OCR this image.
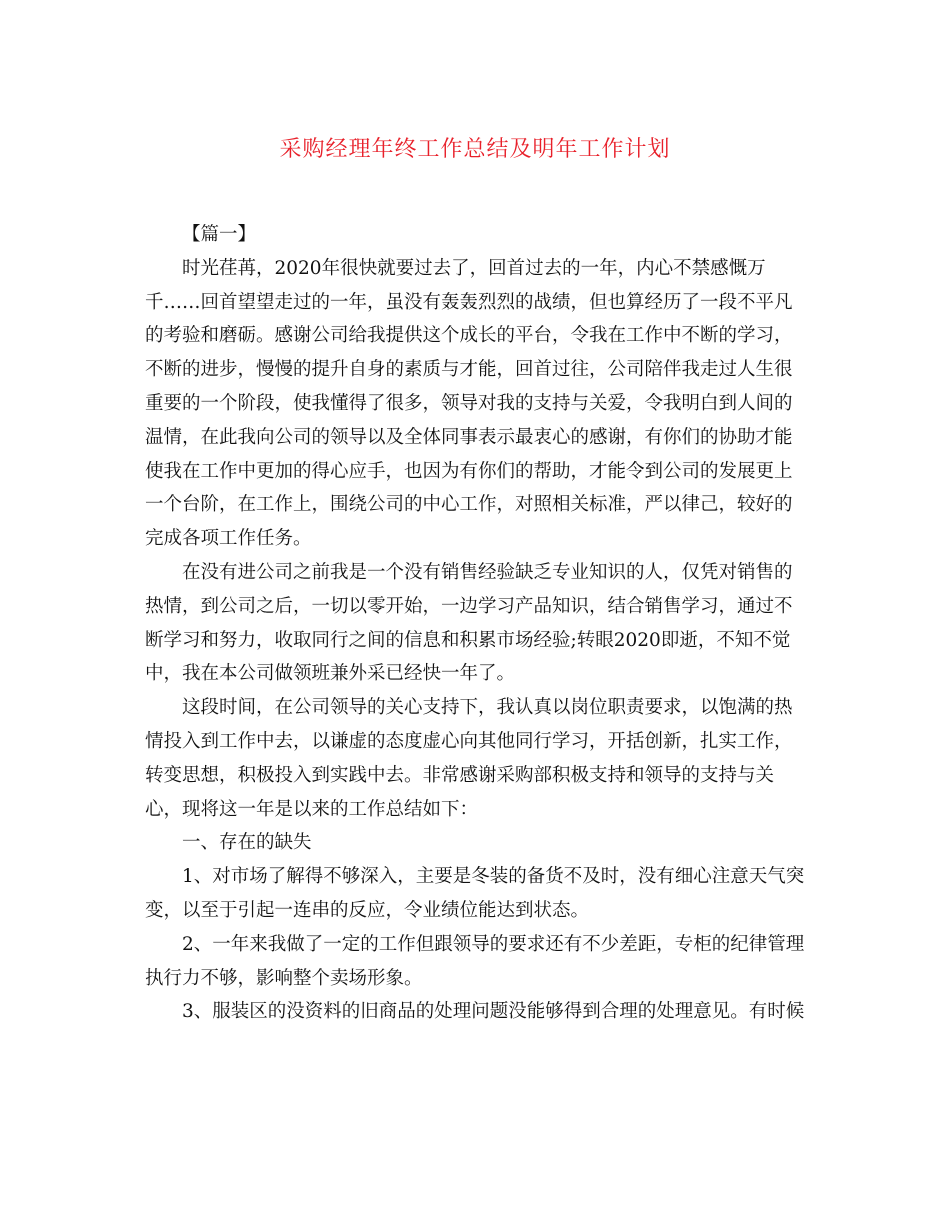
采购经理年终工作总结及明年工作计划
【篇一】
时光荏苒，2020年很快就要过去了，回首过去的一年，内心不禁感慨万
千……回首望望走过的一年，虽没有轰轰烈烈的战绩，但也算经历了一段不平凡
的考验和磨砺。感谢公司给我提供这个成长的平台，令我在工作中不断的学习，
不断的进步，慢慢的提升自身的素质与才能，回首过往，公司陪伴我走过人生很
重要的一个阶段，使我懂得了很多，领导对我的支持与关爱，令我明白到人间的
温情，在此我向公司的领导以及全体同事表示最衷心的感谢，有你们的协助才能
使我在工作中更加的得心应手，也因为有你们的帮助，才能令到公司的发展更上
一个台阶，在工作上，围绕公司的中心工作，对照相关标准，严以律己，较好的
完成各项工作任务。
在没有进公司之前我是一个没有销售经验缺乏专业知识的人，仅凭对销售的
热情，到公司之后，一切以零开始，一边学习产品知识，结合销售学习，通过不
断学习和努力，收取同行之间的信息和积累市场经验;转眼2020即逝，不知不觉
中，我在本公司做领班兼外采已经快一年了。
这段时间，在公司领导的关心支持下，我认真以岗位职责要求，以饱满的热
情投入到工作中去，以谦虚的态度虚心向其他同行学习，开括创新，扎实工作，
转变思想，积极投入到实践中去。非常感谢采购部积极支持和领导的支持与关
心，现将这一年是以来的工作总结如下：
一、存在的缺失
1、对市场了解得不够深入，主要是冬装的备货不及时，没有细心注意天气突
变，以至于引起一连串的反应，令业绩位能达到状态。
2、一年来我做了一定的工作但跟领导的要求还有不少差距，专柜的纪律管理
执行力不够，影响整个卖场形象。
3、服装区的没资料的旧商品的处理问题没能够得到合理的处理意见。有时候
